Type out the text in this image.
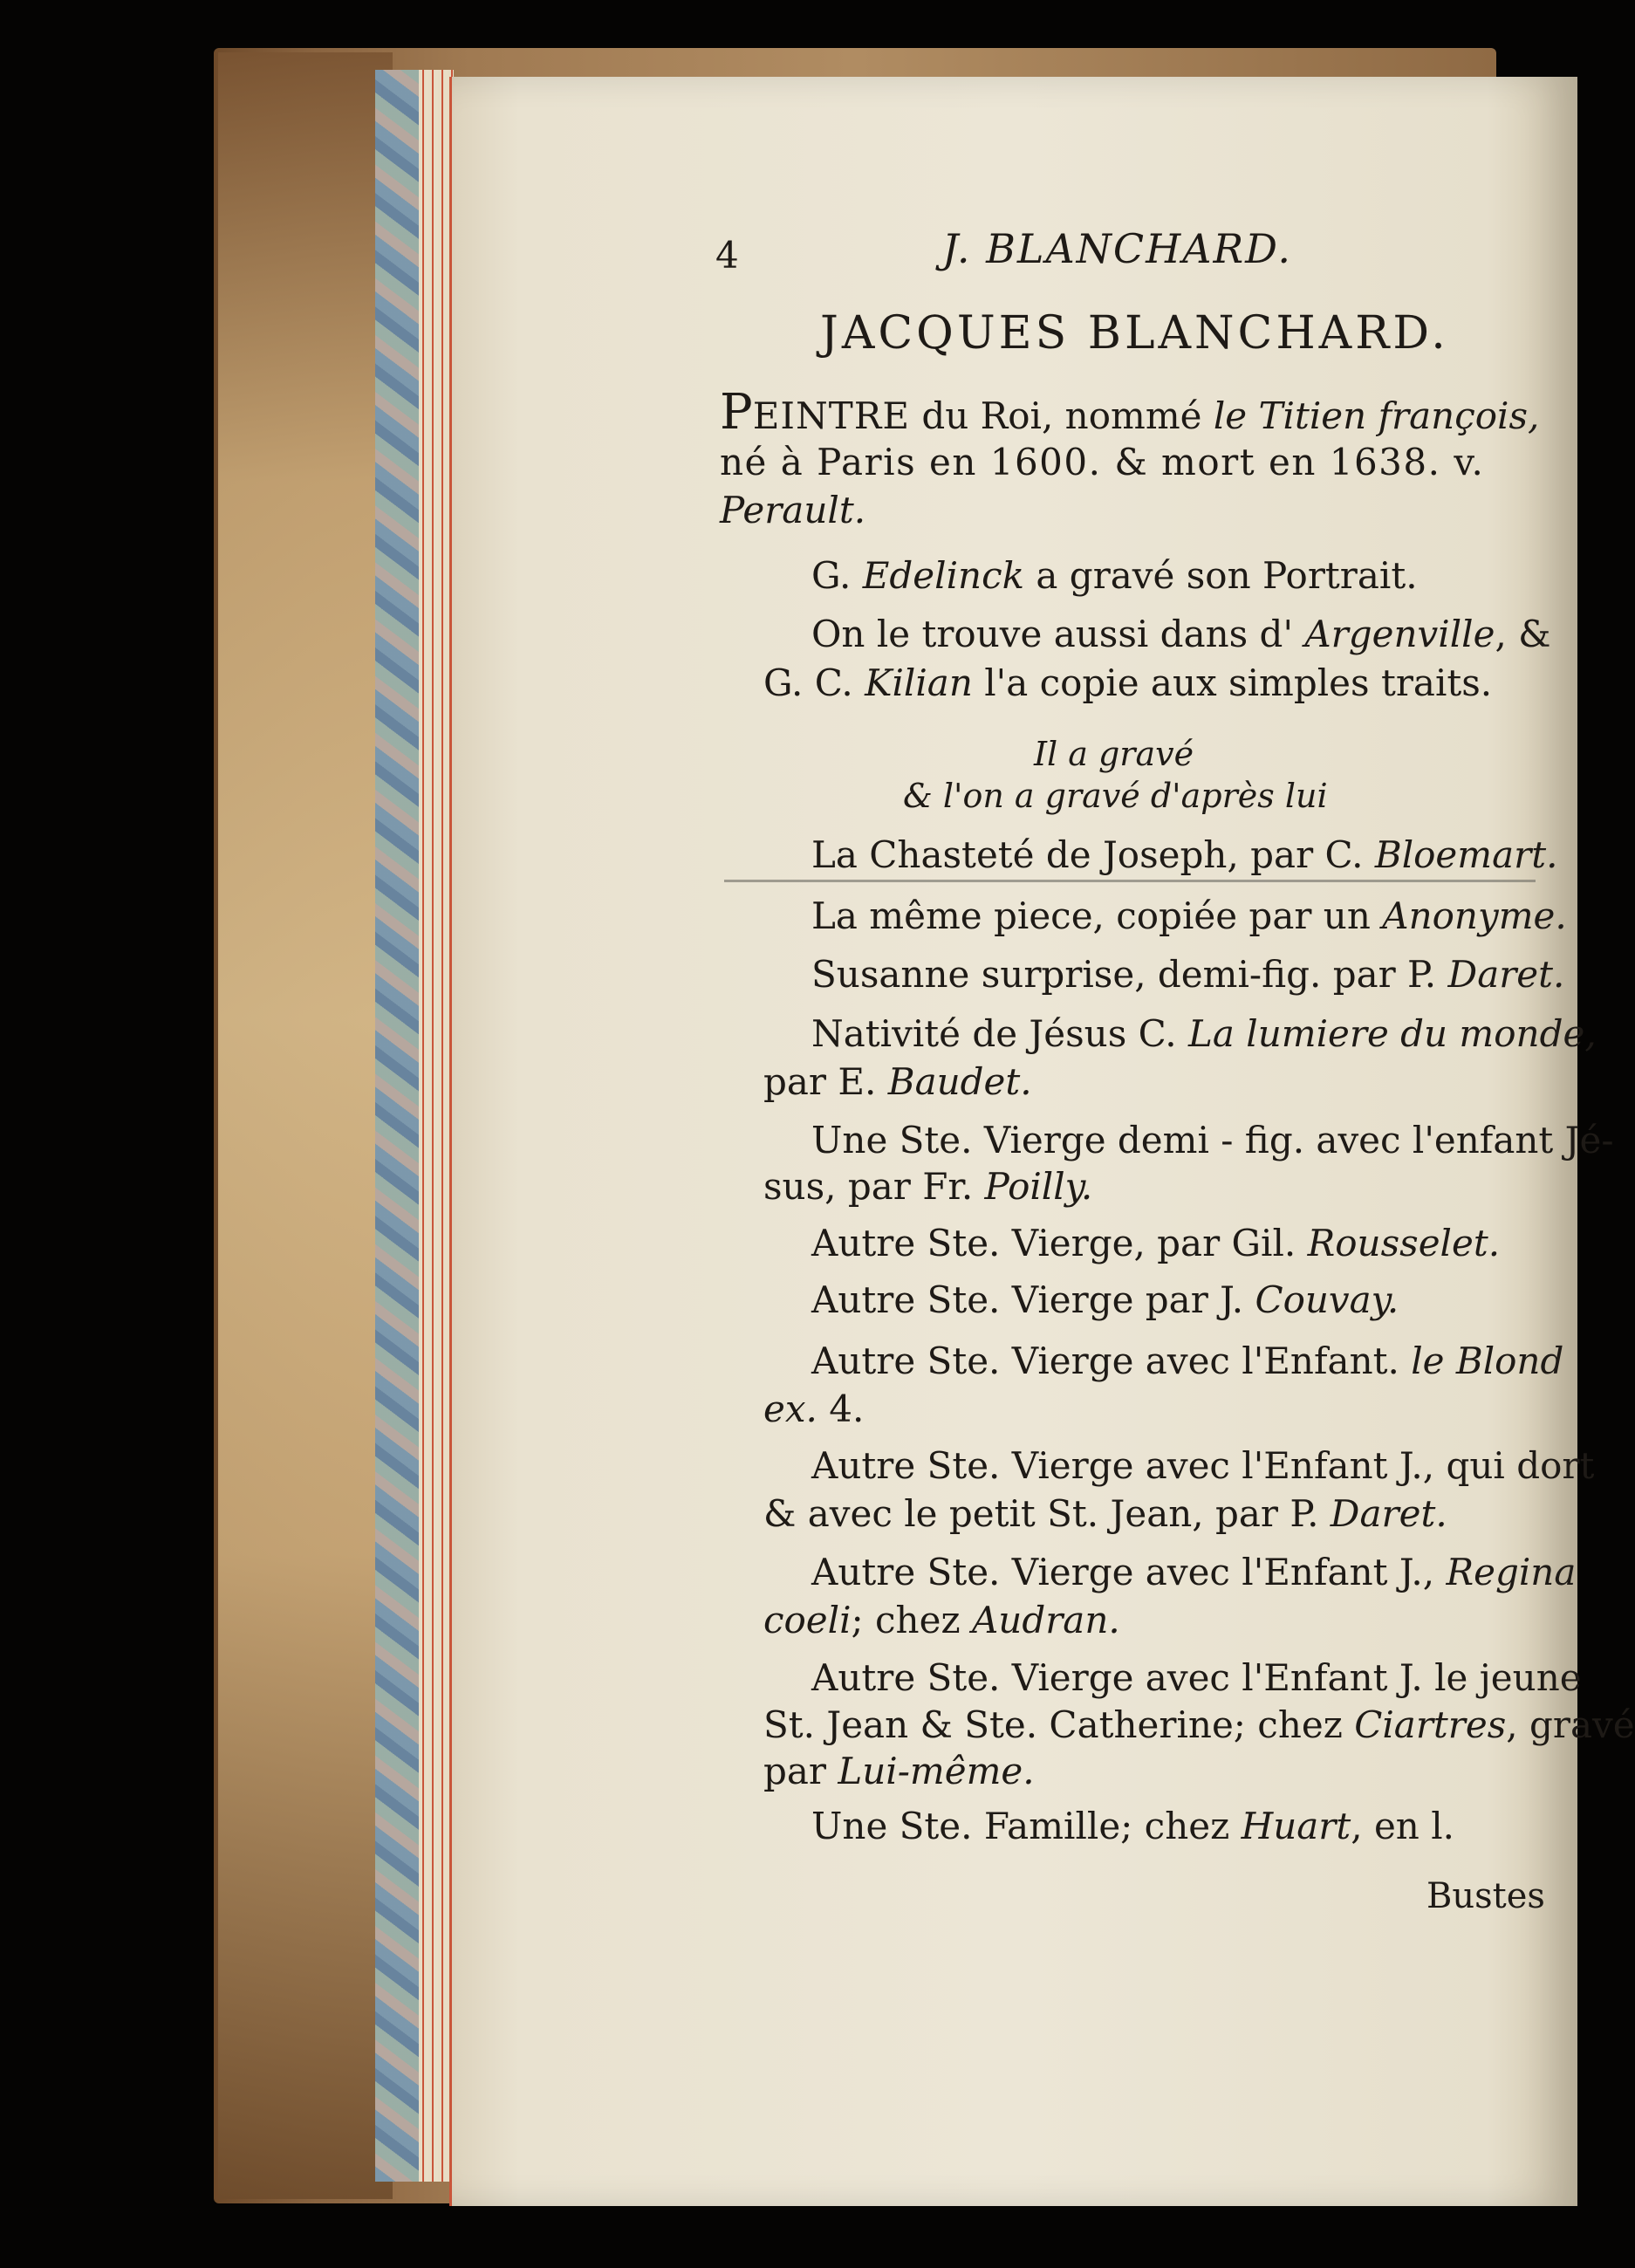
4	J. BLANCHARD.
JACQUES BLANCHARD.
PEINTRE du Roi, nommé le Titien françois,
né à Paris en 1600. & mort en 1638. v.
Perault.
G. Edelinck a gravé son Portrait.
On le trouve aussi dans d' Argenville, &
G. C. Kilian l'a copie aux simples traits.
Il a gravé
& l'on a gravé d'après lui
La Chasteté de Joseph, par C. Bloemart.
La même piece, copiée par un Anonyme.
Susanne surprise, demi-fig. par P. Daret.
Nativité de Jésus C. La lumiere du monde,
par E. Baudet.
Une Ste. Vierge demi - fig. avec l'enfant Jé-
sus, par Fr. Poilly.
Autre Ste. Vierge, par Gil. Rousselet.
Autre Ste. Vierge par J. Couvay.
Autre Ste. Vierge avec l'Enfant. le Blond
ex. 4.
Autre Ste. Vierge avec l'Enfant J., qui dort
& avec le petit St. Jean, par P. Daret.
Autre Ste. Vierge avec l'Enfant J., Regina
coeli; chez Audran.
Autre Ste. Vierge avec l'Enfant J. le jeune
St. Jean & Ste. Catherine; chez Ciartres, gravé
par Lui-même.
Une Ste. Famille; chez Huart, en l.
Bustes
